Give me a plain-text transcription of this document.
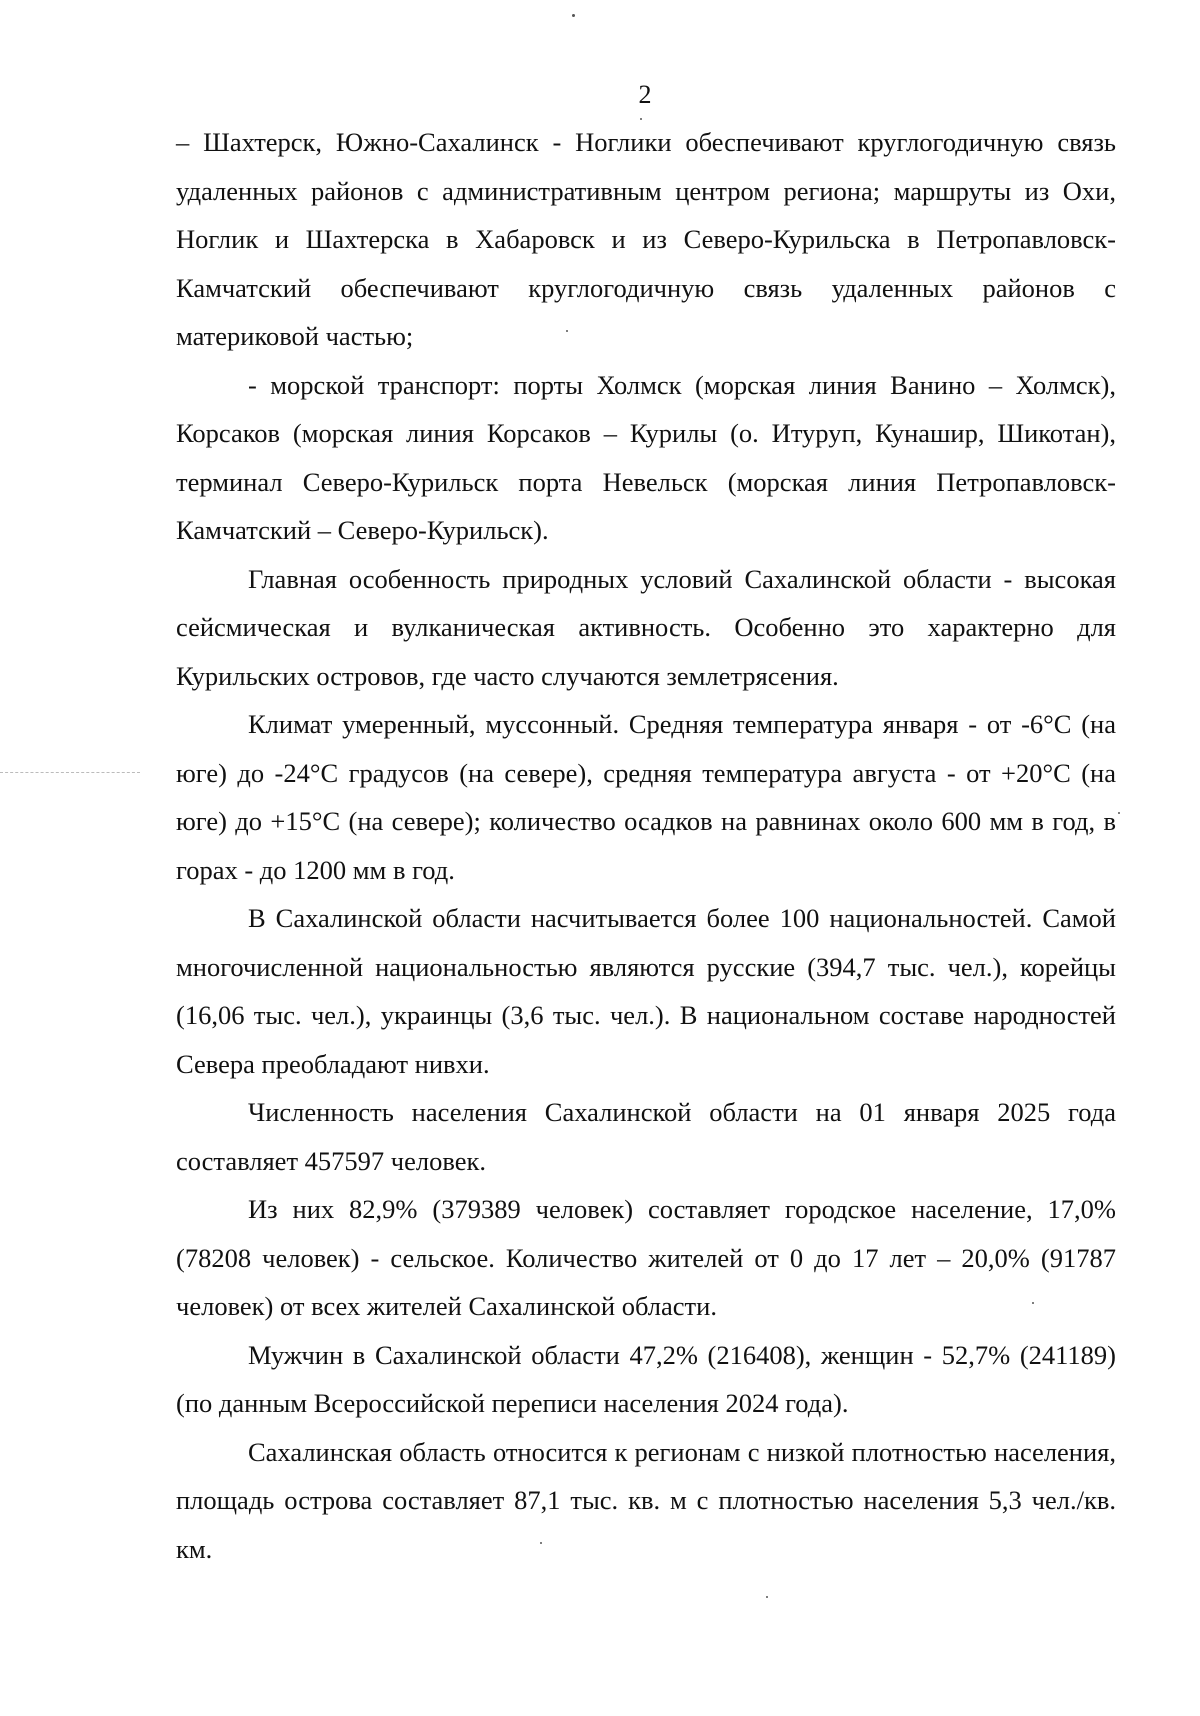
2

– Шахтерск, Южно-Сахалинск - Ноглики обеспечивают круглогодичную связь удаленных районов с административным центром региона; маршруты из Охи, Ноглик и Шахтерска в Хабаровск и из Северо-Курильска в Петропавловск-Камчатский обеспечивают круглогодичную связь удаленных районов с материковой частью;

- морской транспорт: порты Холмск (морская линия Ванино – Холмск), Корсаков (морская линия Корсаков – Курилы (о. Итуруп, Кунашир, Шикотан), терминал Северо-Курильск порта Невельск (морская линия Петропавловск-Камчатский – Северо-Курильск).

Главная особенность природных условий Сахалинской области - высокая сейсмическая и вулканическая активность. Особенно это характерно для Курильских островов, где часто случаются землетрясения.

Климат умеренный, муссонный. Средняя температура января - от -6°С (на юге) до -24°С градусов (на севере), средняя температура августа - от +20°С (на юге) до +15°С (на севере); количество осадков на равнинах около 600 мм в год, в горах - до 1200 мм в год.

В Сахалинской области насчитывается более 100 национальностей. Самой многочисленной национальностью являются русские (394,7 тыс. чел.), корейцы (16,06 тыс. чел.), украинцы (3,6 тыс. чел.). В национальном составе народностей Севера преобладают нивхи.

Численность населения Сахалинской области на 01 января 2025 года составляет 457597 человек.

Из них 82,9% (379389 человек) составляет городское население, 17,0% (78208 человек) - сельское. Количество жителей от 0 до 17 лет – 20,0% (91787 человек) от всех жителей Сахалинской области.

Мужчин в Сахалинской области 47,2% (216408), женщин - 52,7% (241189) (по данным Всероссийской переписи населения 2024 года).

Сахалинская область относится к регионам с низкой плотностью населения, площадь острова составляет 87,1 тыс. кв. м с плотностью населения 5,3 чел./кв. км.
